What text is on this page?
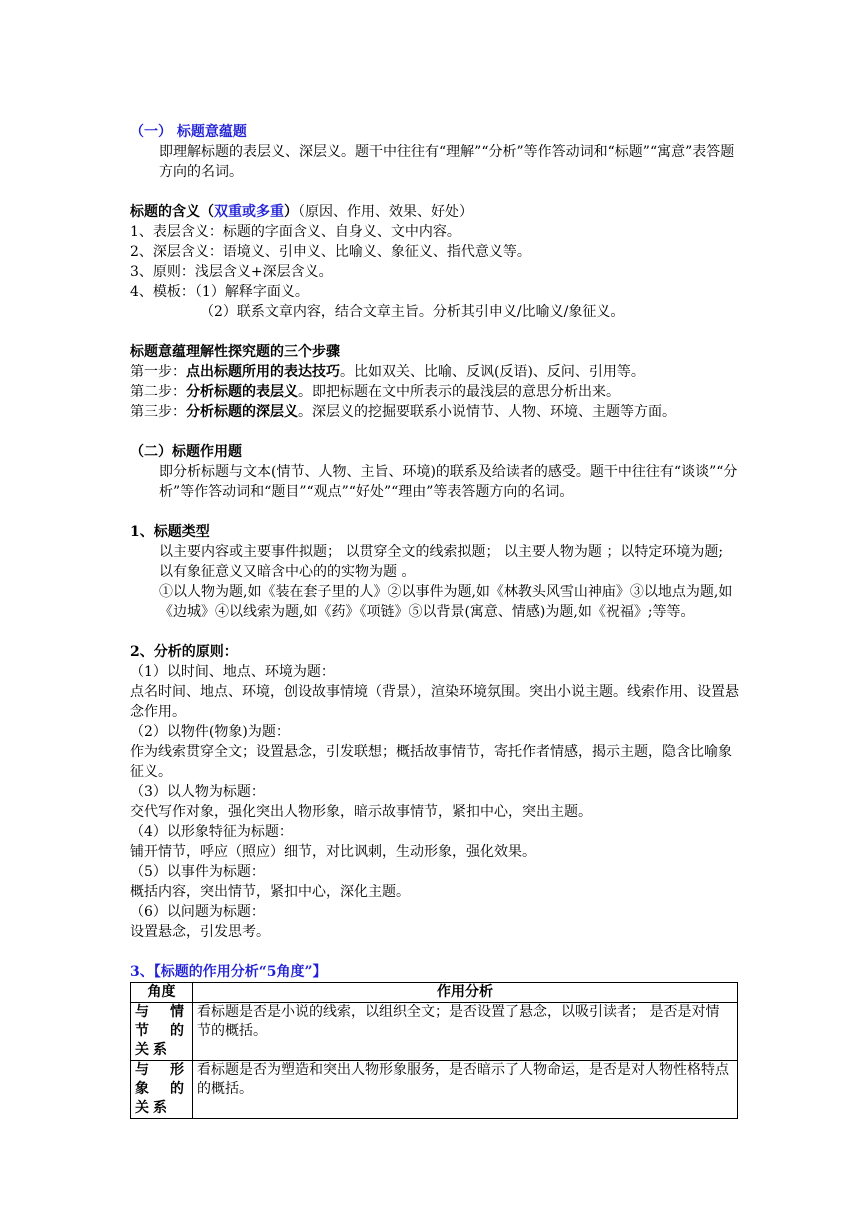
（一） 标题意蕴题
即理解标题的表层义、深层义。题干中往往有“理解”“分析”等作答动词和“标题”“寓意”表答题方向的名词。
标题的含义（双重或多重）（原因、作用、效果、好处）
1、表层含义：标题的字面含义、自身义、文中内容。
2、深层含义：语境义、引申义、比喻义、象征义、指代意义等。
3、原则：浅层含义+深层含义。
4、模板：（1）解释字面义。
（2）联系文章内容，结合文章主旨。分析其引申义/比喻义/象征义。
标题意蕴理解性探究题的三个步骤
第一步：点出标题所用的表达技巧。比如双关、比喻、反讽(反语)、反问、引用等。
第二步：分析标题的表层义。即把标题在文中所表示的最浅层的意思分析出来。
第三步：分析标题的深层义。深层义的挖掘要联系小说情节、人物、环境、主题等方面。
（二）标题作用题
即分析标题与文本(情节、人物、主旨、环境)的联系及给读者的感受。题干中往往有“谈谈”“分析”等作答动词和“题目”“观点”“好处”“理由”等表答题方向的名词。
1、标题类型
以主要内容或主要事件拟题； 以贯穿全文的线索拟题； 以主要人物为题 ；以特定环境为题;
以有象征意义又暗含中心的的实物为题 。
①以人物为题,如《装在套子里的人》②以事件为题,如《林教头风雪山神庙》③以地点为题,如《边城》④以线索为题,如《药》《项链》⑤以背景(寓意、情感)为题,如《祝福》;等等。
2、分析的原则：
（1）以时间、地点、环境为题：
点名时间、地点、环境，创设故事情境（背景），渲染环境氛围。突出小说主题。线索作用、设置悬念作用。
（2）以物件(物象)为题：
作为线索贯穿全文；设置悬念，引发联想；概括故事情节，寄托作者情感，揭示主题，隐含比喻象征义。
（3）以人物为标题：
交代写作对象，强化突出人物形象，暗示故事情节，紧扣中心，突出主题。
（4）以形象特征为标题：
铺开情节，呼应（照应）细节，对比讽刺，生动形象，强化效果。
（5）以事件为标题：
概括内容，突出情节，紧扣中心，深化主题。
（6）以问题为标题：
设置悬念，引发思考。
3、【标题的作用分析“5角度”】
角度	作用分析
与情节的关系	看标题是否是小说的线索，以组织全文；是否设置了悬念，以吸引读者； 是否是对情节的概括。
与形象的关系	看标题是否为塑造和突出人物形象服务，是否暗示了人物命运，是否是对人物性格特点的概括。
